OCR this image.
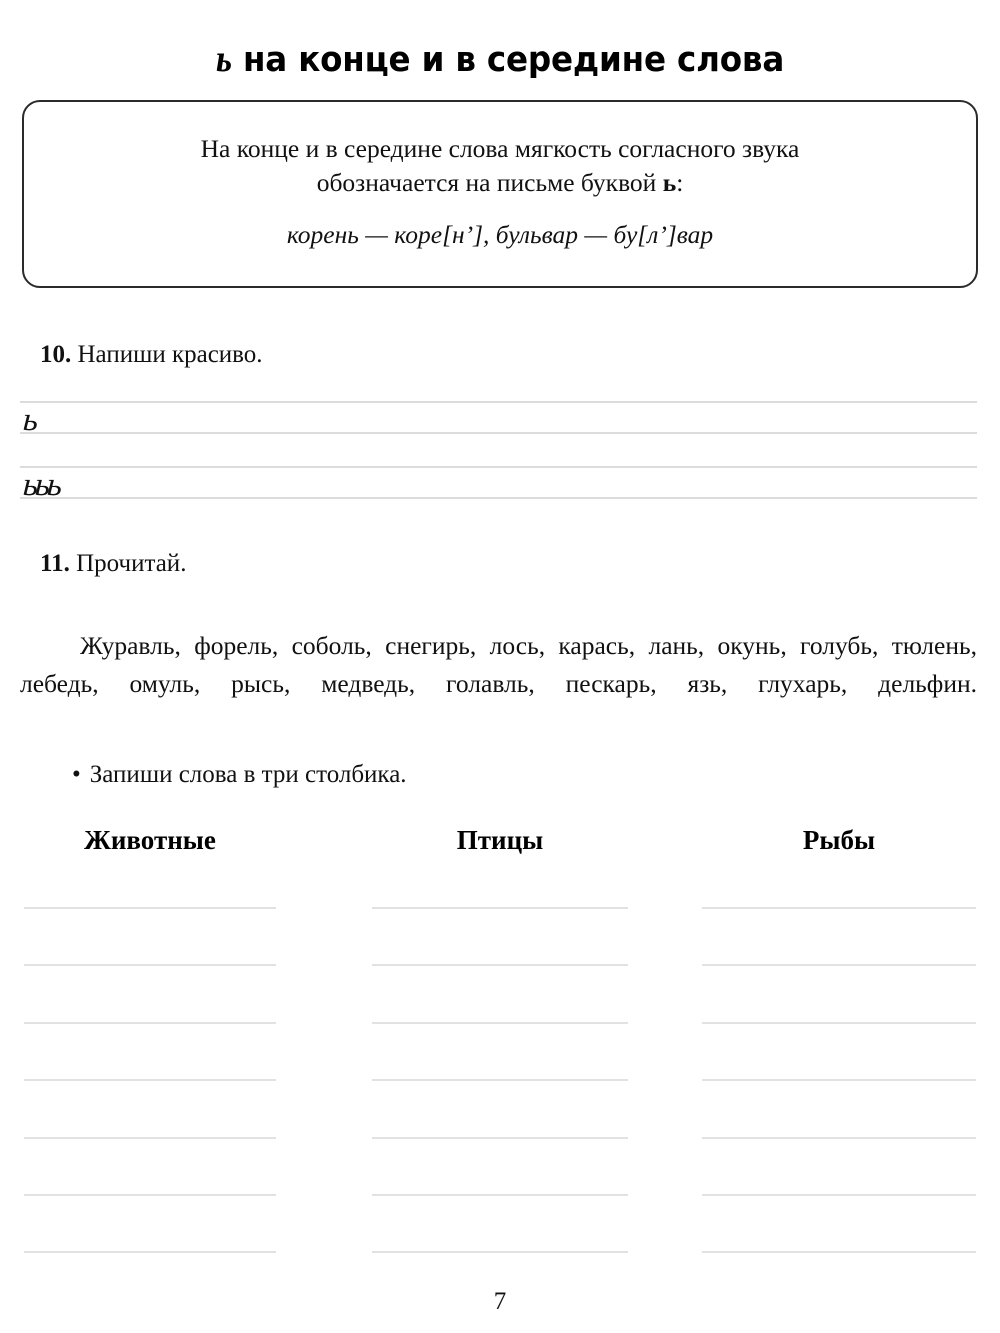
ь на конце и в середине слова
На конце и в середине слова мягкость согласного звука
обозначается на письме буквой ь:
корень — коре[н’], бульвар — бу[л’]вар
10. Напиши красиво.
ь
ььь
11. Прочитай.

Журавль, форель, соболь, снегирь, лось, карась, лань, окунь, голубь, тюлень, лебедь, омуль, рысь, медведь, голавль, пескарь, язь, глухарь, дельфин.

• Запиши слова в три столбика.
Животные	Птицы	Рыбы
7
